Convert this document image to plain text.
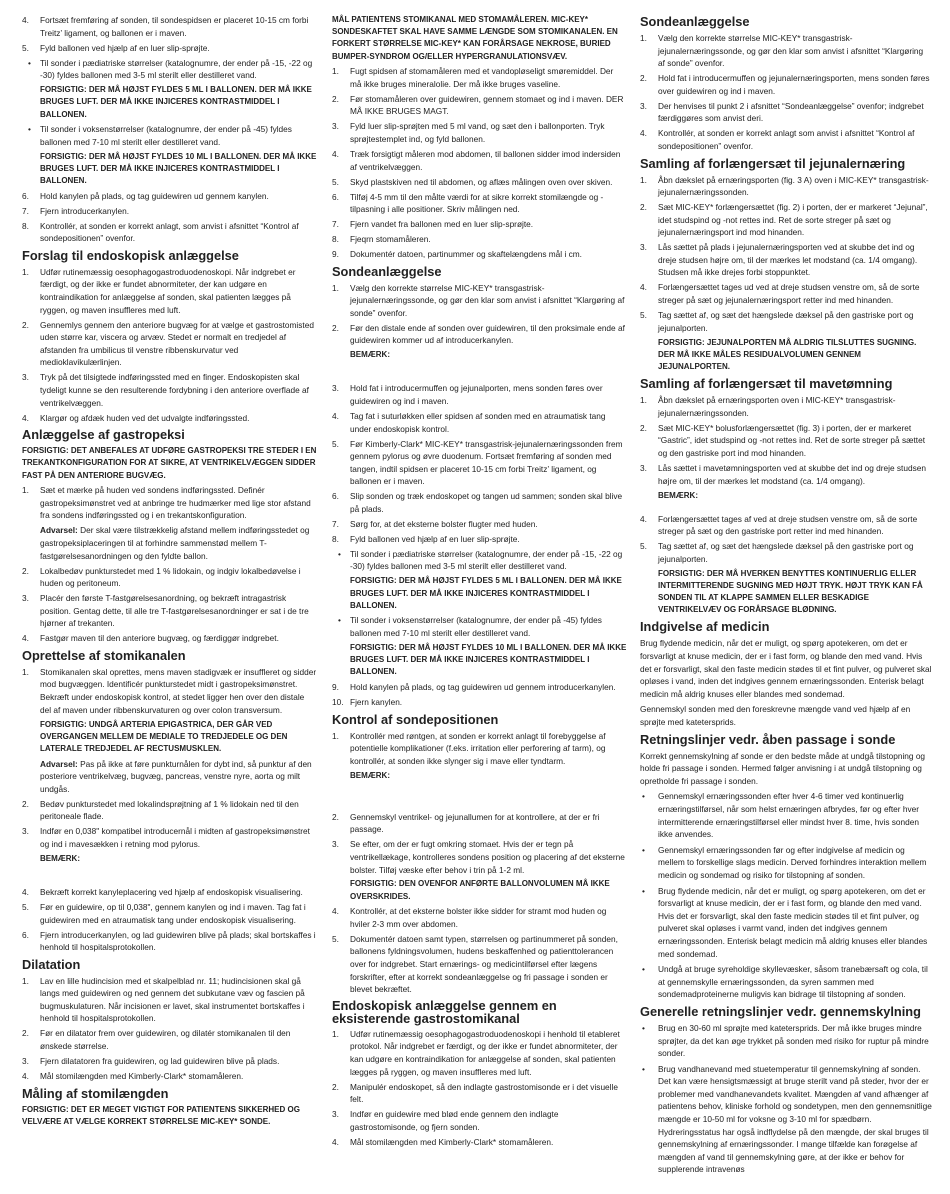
4. Fortsæt fremføring af sonden, til sondespidsen er placeret 10-15 cm forbi Treitz’ ligament, og ballonen er i maven.
5. Fyld ballonen ved hjælp af en luer slip-sprøjte.
• Til sonder i pædiatriske størrelser (katalognumre, der ender på -15, -22 og -30) fyldes ballonen med 3-5 ml sterilt eller destilleret vand.
FORSIGTIG: DER MÅ HØJST FYLDES 5 ML I BALLONEN. DER MÅ IKKE BRUGES LUFT. DER MÅ IKKE INJICERES KONTRASTMIDDEL I BALLONEN.
• Til sonder i voksenstørrelser (katalognumre, der ender på -45) fyldes ballonen med 7-10 ml sterilt eller destilleret vand.
FORSIGTIG: DER MÅ HØJST FYLDES 10 ML I BALLONEN. DER MÅ IKKE BRUGES LUFT. DER MÅ IKKE INJICERES KONTRASTMIDDEL I BALLONEN.
6. Hold kanylen på plads, og tag guidewiren ud gennem kanylen.
7. Fjern introducerkanylen.
8. Kontrollér, at sonden er korrekt anlagt, som anvist i afsnittet “Kontrol af sondepositionen” ovenfor.
Forslag til endoskopisk anlæggelse
1. Udfør rutinemæssig oesophagogastroduodenoskopi. Når indgrebet er færdigt, og der ikke er fundet abnormiteter, der kan udgøre en kontraindikation for anlæggelse af sonden, skal patienten lægges på ryggen, og maven insuffleres med luft.
2. Gennemlys gennem den anteriore bugvæg for at vælge et gastrostomisted uden større kar, viscera og arvæv. Stedet er normalt en tredjedel af afstanden fra umbilicus til venstre ribbenskurvatur ved medioklavikulærlinjen.
3. Tryk på det tilsigtede indføringssted med en finger. Endoskopisten skal tydeligt kunne se den resulterende fordybning i den anteriore overflade af ventrikelvæggen.
4. Klargør og afdæk huden ved det udvalgte indføringssted.
Anlæggelse af gastropeksi
FORSIGTIG: DET ANBEFALES AT UDFØRE GASTROPEKSI TRE STEDER I EN TREKANTKONFIGURATION FOR AT SIKRE, AT VENTRIKELVÆGGEN SIDDER FAST PÅ DEN ANTERIORE BUGVÆG.
1. Sæt et mærke på huden ved sondens indføringssted. Definér gastropeksimønstret ved at anbringe tre hudmærker med lige stor afstand fra sondens indføringssted og i en trekantskonfiguration.
Advarsel: Der skal være tilstrækkelig afstand mellem indføringsstedet og gastropeksiplaceringen til at forhindre sammenstød mellem T-fastgørelsesanordningen og den fyldte ballon.
2. Lokalbedøv punkturstedet med 1 % lidokain, og indgiv lokalbedøvelse i huden og peritoneum.
3. Placér den første T-fastgørelsesanordning, og bekræft intragastrisk position. Gentag dette, til alle tre T-fastgørelsesanordninger er sat i de tre hjørner af trekanten.
4. Fastgør maven til den anteriore bugvæg, og færdiggør indgrebet.
Oprettelse af stomikanalen
1. Stomikanalen skal oprettes, mens maven stadigvæk er insuffleret og sidder mod bugvæggen. Identificér punkturstedet midt i gastropeksimønstret. Bekræft under endoskopisk kontrol, at stedet ligger hen over den distale del af maven under ribbenskurvaturen og over colon transversum.
FORSIGTIG: UNDGÅ ARTERIA EPIGASTRICA, DER GÅR VED OVERGANGEN MELLEM DE MEDIALE TO TREDJEDELE OG DEN LATERALE TREDJEDEL AF RECTUSMUSKLEN.
Advarsel: Pas på ikke at føre punkturnålen for dybt ind, så punktur af den posteriore ventrikelvæg, bugvæg, pancreas, venstre nyre, aorta og milt undgås.
2. Bedøv punkturstedet med lokalindsprøjtning af 1 % lidokain ned til den peritoneale flade.
3. Indfør en 0,038" kompatibel introducernål i midten af gastropeksimønstret og ind i mavesækken i retning mod pylorus.
BEMÆRK:
4. Bekræft korrekt kanyleplacering ved hjælp af endoskopisk visualisering.
5. Før en guidewire, op til 0,038", gennem kanylen og ind i maven. Tag fat i guidewiren med en atraumatisk tang under endoskopisk visualisering.
6. Fjern introducerkanylen, og lad guidewiren blive på plads; skal bortskaffes i henhold til hospitalsprotokollen.
Dilatation
1. Lav en lille hudincision med et skalpelblad nr. 11; hudincisionen skal gå langs med guidewiren og ned gennem det subkutane væv og fascien på bugmuskulaturen. Når incisionen er lavet, skal instrumentet bortskaffes i henhold til hospitalsprotokollen.
2. Før en dilatator frem over guidewiren, og dilatér stomikanalen til den ønskede størrelse.
3. Fjern dilatatoren fra guidewiren, og lad guidewiren blive på plads.
4. Mål stomilængden med Kimberly-Clark* stomamåleren.
Måling af stomilængden
FORSIGTIG: DET ER MEGET VIGTIGT FOR PATIENTENS SIKKERHED OG VELVÆRE AT VÆLGE KORREKT STØRRELSE MIC-KEY* SONDE.
MÅL PATIENTENS STOMIKANAL MED STOMAMÅLEREN. MIC-KEY* SONDESKAFTET SKAL HAVE SAMME LÆNGDE SOM STOMIKANALEN. EN FORKERT STØRRELSE MIC-KEY* KAN FORÅRSAGE NEKROSE, BURIED BUMPER-SYNDROM OG/ELLER HYPERGRANULATIONSVÆV.
1. Fugt spidsen af stomamåleren med et vandopløseligt smøremiddel. Der må ikke bruges mineralolie. Der må ikke bruges vaseline.
2. Før stomamåleren over guidewiren, gennem stomaet og ind i maven. DER MÅ IKKE BRUGES MAGT.
3. Fyld luer slip-sprøjten med 5 ml vand, og sæt den i ballonporten. Tryk sprøjtestemplet ind, og fyld ballonen.
4. Træk forsigtigt måleren mod abdomen, til ballonen sidder imod indersiden af ventrikelvæggen.
5. Skyd plastskiven ned til abdomen, og aflæs målingen oven over skiven.
6. Tilføj 4-5 mm til den målte værdi for at sikre korrekt stomilængde og -tilpasning i alle positioner. Skriv målingen ned.
7. Fjern vandet fra ballonen med en luer slip-sprøjte.
8. Fjeqrn stomamåleren.
9. Dokumentér datoen, partinummer og skaftelængdens mål i cm.
Sondeanlæggelse
1. Vælg den korrekte størrelse MIC-KEY* transgastrisk-jejunalernæringssonde, og gør den klar som anvist i afsnittet “Klargøring af sonde” ovenfor.
2. Før den distale ende af sonden over guidewiren, til den proksimale ende af guidewiren kommer ud af introducerkanylen.
BEMÆRK:
3. Hold fat i introducermuffen og jejunalporten, mens sonden føres over guidewiren og ind i maven.
4. Tag fat i suturløkken eller spidsen af sonden med en atraumatisk tang under endoskopisk kontrol.
5. Før Kimberly-Clark* MIC-KEY* transgastrisk-jejunalernæringssonden frem gennem pylorus og øvre duodenum. Fortsæt fremføring af sonden med tangen, indtil spidsen er placeret 10-15 cm forbi Treitz’ ligament, og ballonen er i maven.
6. Slip sonden og træk endoskopet og tangen ud sammen; sonden skal blive på plads.
7. Sørg for, at det eksterne bolster flugter med huden.
8. Fyld ballonen ved hjælp af en luer slip-sprøjte.
• Til sonder i pædiatriske størrelser (katalognumre, der ender på -15, -22 og -30) fyldes ballonen med 3-5 ml sterilt eller destilleret vand.
FORSIGTIG: DER MÅ HØJST FYLDES 5 ML I BALLONEN. DER MÅ IKKE BRUGES LUFT. DER MÅ IKKE INJICERES KONTRASTMIDDEL I BALLONEN.
• Til sonder i voksenstørrelser (katalognumre, der ender på -45) fyldes ballonen med 7-10 ml sterilt eller destilleret vand.
FORSIGTIG: DER MÅ HØJST FYLDES 10 ML I BALLONEN. DER MÅ IKKE BRUGES LUFT. DER MÅ IKKE INJICERES KONTRASTMIDDEL I BALLONEN.
9. Hold kanylen på plads, og tag guidewiren ud gennem introducerkanylen.
10. Fjern kanylen.
Kontrol af sondepositionen
1. Kontrollér med røntgen, at sonden er korrekt anlagt til forebyggelse af potentielle komplikationer (f.eks. irritation eller perforering af tarm), og kontrollér, at sonden ikke slynger sig i mave eller tyndtarm.
BEMÆRK:
2. Gennemskyl ventrikel- og jejunallumen for at kontrollere, at der er fri passage.
3. Se efter, om der er fugt omkring stomaet. Hvis der er tegn på ventrikellækage, kontrolleres sondens position og placering af det eksterne bolster. Tilføj væske efter behov i trin på 1-2 ml.
FORSIGTIG: DEN OVENFOR ANFØRTE BALLONVOLUMEN MÅ IKKE OVERSKRIDES.
4. Kontrollér, at det eksterne bolster ikke sidder for stramt mod huden og hviler 2-3 mm over abdomen.
5. Dokumentér datoen samt typen, størrelsen og partinummeret på sonden, ballonens fyldningsvolumen, hudens beskaffenhed og patienttolerancen over for indgrebet. Start ernærings- og medicintilførsel efter lægens forskrifter, efter at korrekt sondeanlæggelse og fri passage i sonden er blevet bekræftet.
Endoskopisk anlæggelse gennem en eksisterende gastrostomikanal
1. Udfør rutinemæssig oesophagogastroduodenoskopi i henhold til etableret protokol. Når indgrebet er færdigt, og der ikke er fundet abnormiteter, der kan udgøre en kontraindikation for anlæggelse af sonden, skal patienten lægges på ryggen, og maven insuffleres med luft.
2. Manipulér endoskopet, så den indlagte gastrostomisonde er i det visuelle felt.
3. Indfør en guidewire med blød ende gennem den indlagte gastrostomisonde, og fjern sonden.
4. Mål stomilængden med Kimberly-Clark* stomamåleren.
Sondeanlæggelse
1. Vælg den korrekte størrelse MIC-KEY* transgastrisk-jejunalernæringssonde, og gør den klar som anvist i afsnittet “Klargøring af sonde” ovenfor.
2. Hold fat i introducermuffen og jejunalernæringsporten, mens sonden føres over guidewiren og ind i maven.
3. Der henvises til punkt 2 i afsnittet “Sondeanlæggelse” ovenfor; indgrebet færdiggøres som anvist deri.
4. Kontrollér, at sonden er korrekt anlagt som anvist i afsnittet “Kontrol af sondepositionen” ovenfor.
Samling af forlængersæt til jejunalernæring
1. Åbn dækslet på ernæringsporten (fig. 3 A) oven i MIC-KEY* transgastrisk-jejunalernæringssonden.
2. Sæt MIC-KEY* forlængersættet (fig. 2) i porten, der er markeret “Jejunal”, idet studspind og -not rettes ind. Ret de sorte streger på sæt og jejunalernæringsport ind mod hinanden.
3. Lås sættet på plads i jejunalernæringsporten ved at skubbe det ind og dreje studsen højre om, til der mærkes let modstand (ca. 1/4 omgang). Studsen må ikke drejes forbi stoppunktet.
4. Forlængersættet tages ud ved at dreje studsen venstre om, så de sorte streger på sæt og jejunalernæringsport retter ind med hinanden.
5. Tag sættet af, og sæt det hængslede dæksel på den gastriske port og jejunalporten.
FORSIGTIG: JEJUNALPORTEN MÅ ALDRIG TILSLUTTES SUGNING. DER MÅ IKKE MÅLES RESIDUALVOLUMEN GENNEM JEJUNALPORTEN.
Samling af forlængersæt til mavetømning
1. Åbn dækslet på ernæringsporten oven i MIC-KEY* transgastrisk-jejunalernæringssonden.
2. Sæt MIC-KEY* bolusforlængersættet (fig. 3) i porten, der er markeret “Gastric”, idet studspind og -not rettes ind. Ret de sorte streger på sættet og den gastriske port ind mod hinanden.
3. Lås sættet i mavetømningsporten ved at skubbe det ind og dreje studsen højre om, til der mærkes let modstand (ca. 1/4 omgang).
BEMÆRK:
4. Forlængersættet tages af ved at dreje studsen venstre om, så de sorte streger på sæt og den gastriske port retter ind med hinanden.
5. Tag sættet af, og sæt det hængslede dæksel på den gastriske port og jejunalporten.
FORSIGTIG: DER MÅ HVERKEN BENYTTES KONTINUERLIG ELLER INTERMITTERENDE SUGNING MED HØJT TRYK. HØJT TRYK KAN FÅ SONDEN TIL AT KLAPPE SAMMEN ELLER BESKADIGE VENTRIKELVÆV OG FORÅRSAGE BLØDNING.
Indgivelse af medicin
Brug flydende medicin, når det er muligt, og spørg apotekeren, om det er forsvarligt at knuse medicin, der er i fast form, og blande den med vand. Hvis det er forsvarligt, skal den faste medicin stødes til et fint pulver, og pulveret skal opløses i vand, inden det indgives gennem ernæringssonden. Enterisk belagt medicin må aldrig knuses eller blandes med sondemad.
Gennemskyl sonden med den foreskrevne mængde vand ved hjælp af en sprøjte med katetersprids.
Retningslinjer vedr. åben passage i sonde
Korrekt gennemskylning af sonde er den bedste måde at undgå tilstopning og holde fri passage i sonden. Hermed følger anvisning i at undgå tilstopning og opretholde fri passage i sonden.
• Gennemskyl ernæringssonden efter hver 4-6 timer ved kontinuerlig ernæringstilførsel, når som helst ernæringen afbrydes, før og efter hver intermitterende ernæringstilførsel eller mindst hver 8. time, hvis sonden ikke anvendes.
• Gennemskyl ernæringssonden før og efter indgivelse af medicin og mellem to forskellige slags medicin. Derved forhindres interaktion mellem medicin og sondemad og risiko for tilstopning af sonden.
• Brug flydende medicin, når det er muligt, og spørg apotekeren, om det er forsvarligt at knuse medicin, der er i fast form, og blande den med vand. Hvis det er forsvarligt, skal den faste medicin stødes til et fint pulver, og pulveret skal opløses i varmt vand, inden det indgives gennem ernæringssonden. Enterisk belagt medicin må aldrig knuses eller blandes med sondemad.
• Undgå at bruge syreholdige skyllevæsker, såsom tranebærsaft og cola, til at gennemskylle ernæringssonden, da syren sammen med sondemadproteinerne muligvis kan bidrage til tilstopning af sonden.
Generelle retningslinjer vedr. gennemskylning
• Brug en 30-60 ml sprøjte med katetersprids. Der må ikke bruges mindre sprøjter, da det kan øge trykket på sonden med risiko for ruptur på mindre sonder.
• Brug vandhanevand med stuetemperatur til gennemskylning af sonden. Det kan være hensigtsmæssigt at bruge sterilt vand på steder, hvor der er problemer med vandhanevandets kvalitet. Mængden af vand afhænger af patientens behov, kliniske forhold og sondetypen, men den gennemsnitlige mængde er 10-50 ml for voksne og 3-10 ml for spædbørn. Hydreringsstatus har også indflydelse på den mængde, der skal bruges til gennemskylning af ernæringssonder. I mange tilfælde kan forøgelse af mængden af vand til gennemskylning gøre, at der ikke er behov for supplerende intravenøs
